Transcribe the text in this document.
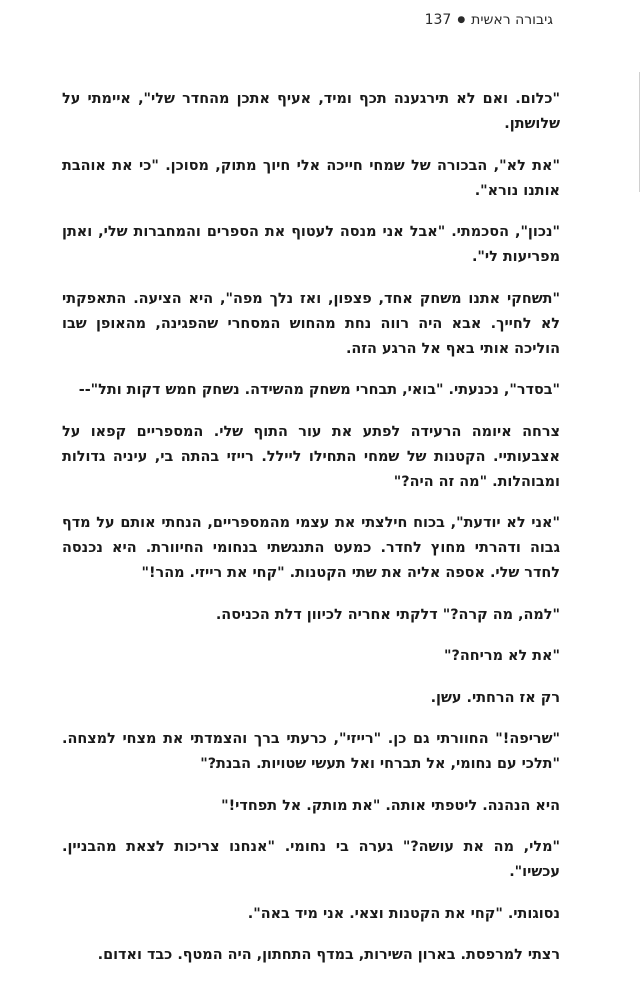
גיבורה ראשית
●
137

"כלום. ואם לא תירגענה תכף ומיד, אעיף אתכן מהחדר שלי", איימתי על שלושתן.

"את לא", הבכורה של שמחי חייכה אלי חיוך מתוק, מסוכן. "כי את אוהבת אותנו נורא".

"נכון", הסכמתי. "אבל אני מנסה לעטוף את הספרים והמחברות שלי, ואתן מפריעות לי".

"תשחקי אתנו משחק אחד, פצפון, ואז נלך מפה", היא הציעה. התאפקתי לא לחייך. אבא היה רווה נחת מהחוש המסחרי שהפגינה, מהאופן שבו הוליכה אותי באף אל הרגע הזה.

"בסדר", נכנעתי. "בואי, תבחרי משחק מהשידה. נשחק חמש דקות ותל"--

צרחה איומה הרעידה לפתע את עור התוף שלי. המספריים קפאו על אצבעותיי. הקטנות של שמחי התחילו ליילל. רייזי בהתה בי, עיניה גדולות ומבוהלות. "מה זה היה?"

"אני לא יודעת", בכוח חילצתי את עצמי מהמספריים, הנחתי אותם על מדף גבוה ודהרתי מחוץ לחדר. כמעט התנגשתי בנחומי החיוורת. היא נכנסה לחדר שלי. אספה אליה את שתי הקטנות. "קחי את רייזי. מהר!"

"למה, מה קרה?" דלקתי אחריה לכיוון דלת הכניסה.

"את לא מריחה?"

רק אז הרחתי. עשן.

"שריפה!" החוורתי גם כן. "רייזי", כרעתי ברך והצמדתי את מצחי למצחה. "תלכי עם נחומי, אל תברחי ואל תעשי שטויות. הבנת?"

היא הנהנה. ליטפתי אותה. "את מותק. אל תפחדי!"

"מלי, מה את עושה?" גערה בי נחומי. "אנחנו צריכות לצאת מהבניין. עכשיו".

נסוגותי. "קחי את הקטנות וצאי. אני מיד באה".

רצתי למרפסת. בארון השירות, במדף התחתון, היה המטף. כבד ואדום.
